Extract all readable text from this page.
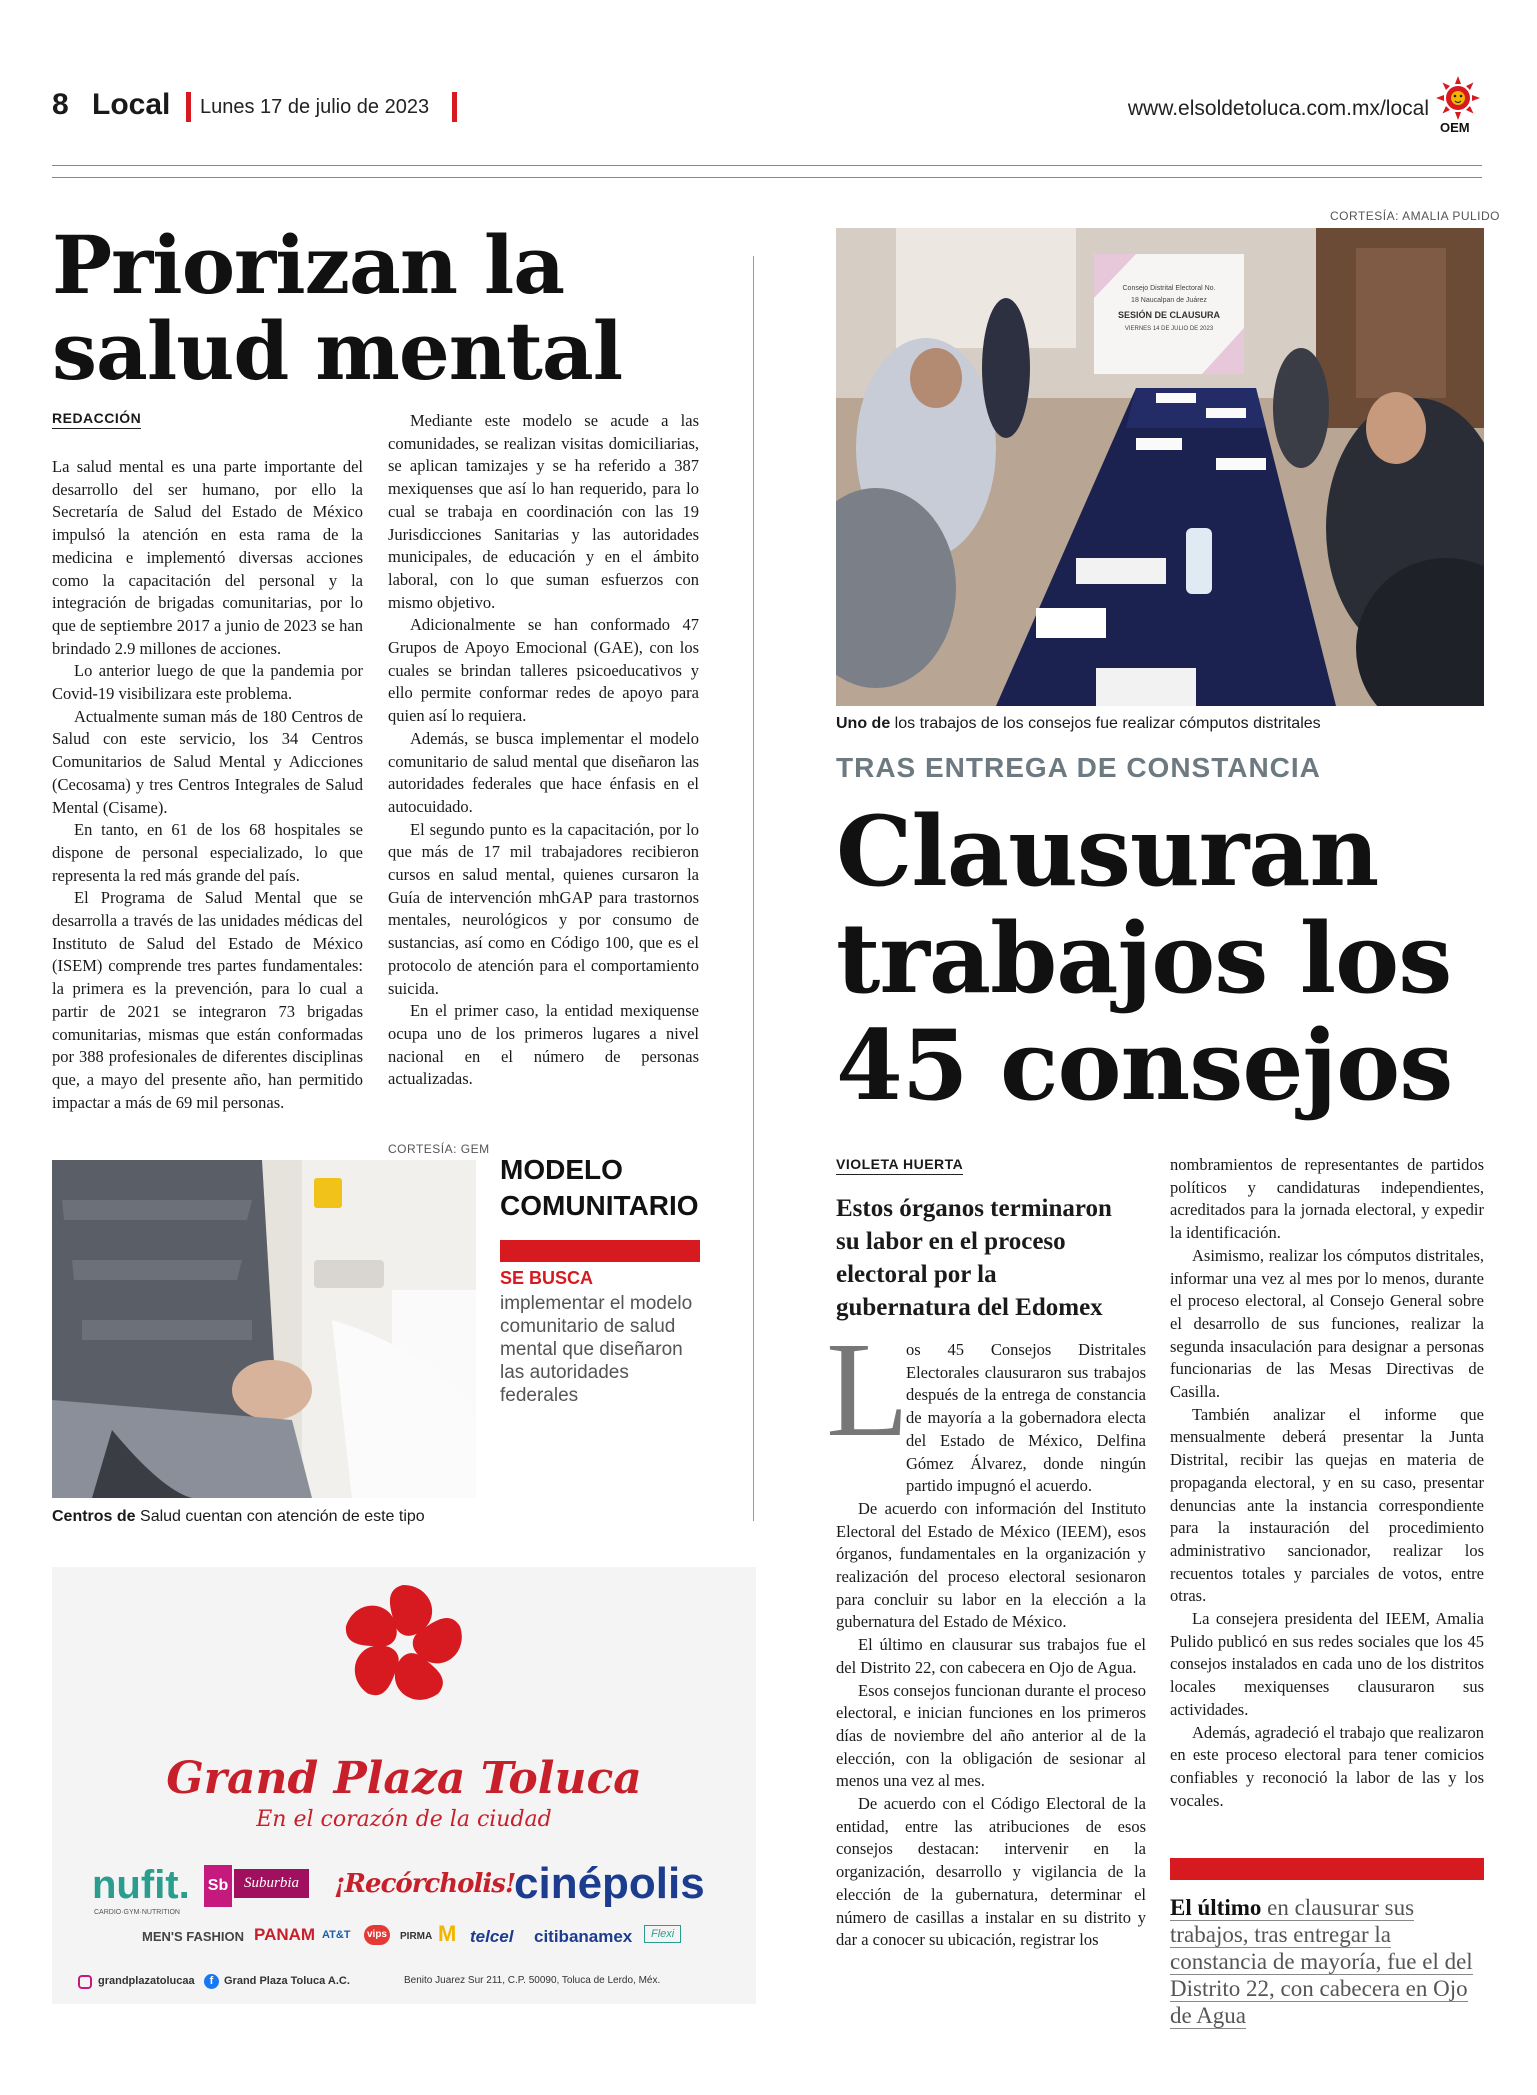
8 Local Lunes 17 de julio de 2023	www.elsoldetoluca.com.mx/local
OEM
Priorizan la
salud mental
REDACCIÓN

La salud mental es una parte importante del desarrollo del ser humano, por ello la Secretaría de Salud del Estado de México impulsó la atención en esta rama de la medicina e implementó diversas acciones como la capacitación del personal y la integración de brigadas comunitarias, por lo que de septiembre 2017 a junio de 2023 se han brindado 2.9 millones de acciones.

Lo anterior luego de que la pandemia por Covid-19 visibilizara este problema.

Actualmente suman más de 180 Centros de Salud con este servicio, los 34 Centros Comunitarios de Salud Mental y Adicciones (Cecosama) y tres Centros Integrales de Salud Mental (Cisame).

En tanto, en 61 de los 68 hospitales se dispone de personal especializado, lo que representa la red más grande del país.

El Programa de Salud Mental que se desarrolla a través de las unidades médicas del Instituto de Salud del Estado de México (ISEM) comprende tres partes fundamentales: la primera es la prevención, para lo cual a partir de 2021 se integraron 73 brigadas comunitarias, mismas que están conformadas por 388 profesionales de diferentes disciplinas que, a mayo del presente año, han permitido impactar a más de 69 mil personas.

Mediante este modelo se acude a las comunidades, se realizan visitas domiciliarias, se aplican tamizajes y se ha referido a 387 mexiquenses que así lo han requerido, para lo cual se trabaja en coordinación con las 19 Jurisdicciones Sanitarias y las autoridades municipales, de educación y en el ámbito laboral, con lo que suman esfuerzos con mismo objetivo.

Adicionalmente se han conformado 47 Grupos de Apoyo Emocional (GAE), con los cuales se brindan talleres psicoeducativos y ello permite conformar redes de apoyo para quien así lo requiera.

Además, se busca implementar el modelo comunitario de salud mental que diseñaron las autoridades federales que hace énfasis en el autocuidado.

El segundo punto es la capacitación, por lo que más de 17 mil trabajadores recibieron cursos en salud mental, quienes cursaron la Guía de intervención mhGAP para trastornos mentales, neurológicos y por consumo de sustancias, así como en Código 100, que es el protocolo de atención para el comportamiento suicida.

En el primer caso, la entidad mexiquense ocupa uno de los primeros lugares a nivel nacional en el número de personas actualizadas.

CORTESÍA: GEM
Centros de Salud cuentan con atención de este tipo
MODELO
COMUNITARIO
SE BUSCA
implementar el modelo comunitario de salud mental que diseñaron las autoridades federales
Grand Plaza Toluca
En el corazón de la ciudad
nufit.
CARDIO·GYM·NUTRITION
Sb	Suburbia	¡Recórcholis!
cinépolis
MEN'S FASHION PANAM AT&T vips	PIRMA M telcel citibanamex	Flexi
grandplazatolucaa	f Grand Plaza Toluca A.C.	Benito Juarez Sur 211, C.P. 50090, Toluca de Lerdo, Méx.
CORTESÍA: AMALIA PULIDO
Consejo Distrital Electoral No.
18 Naucalpan de Juárez
SESIÓN DE CLAUSURA
VIERNES 14 DE JULIO DE 2023
Uno de los trabajos de los consejos fue realizar cómputos distritales
TRAS ENTREGA DE CONSTANCIA
Clausuran
trabajos los
45 consejos
VIOLETA HUERTA
Estos órganos terminaron su labor en el proceso electoral por la gubernatura del Edomex
L

os 45 Consejos Distritales Electorales clausuraron sus trabajos después de la entrega de constancia de mayoría a la gobernadora electa del Estado de México, Delfina Gómez Álvarez, donde ningún partido impugnó el acuerdo.

De acuerdo con información del Instituto Electoral del Estado de México (IEEM), esos órganos, fundamentales en la organización y realización del proceso electoral sesionaron para concluir su labor en la elección a la gubernatura del Estado de México.

El último en clausurar sus trabajos fue el del Distrito 22, con cabecera en Ojo de Agua.

Esos consejos funcionan durante el proceso electoral, e inician funciones en los primeros días de noviembre del año anterior al de la elección, con la obligación de sesionar al menos una vez al mes.

De acuerdo con el Código Electoral de la entidad, entre las atribuciones de esos consejos destacan: intervenir en la organización, desarrollo y vigilancia de la elección de la gubernatura, determinar el número de casillas a instalar en su distrito y dar a conocer su ubicación, registrar los

nombramientos de representantes de partidos políticos y candidaturas independientes, acreditados para la jornada electoral, y expedir la identificación.

Asimismo, realizar los cómputos distritales, informar una vez al mes por lo menos, durante el proceso electoral, al Consejo General sobre el desarrollo de sus funciones, realizar la segunda insaculación para designar a personas funcionarias de las Mesas Directivas de Casilla.

También analizar el informe que mensualmente deberá presentar la Junta Distrital, recibir las quejas en materia de propaganda electoral, y en su caso, presentar denuncias ante la instancia correspondiente para la instauración del procedimiento administrativo sancionador, realizar los recuentos totales y parciales de votos, entre otras.

La consejera presidenta del IEEM, Amalia Pulido publicó en sus redes sociales que los 45 consejos instalados en cada uno de los distritos locales mexiquenses clausuraron sus actividades.

Además, agradeció el trabajo que realizaron en este proceso electoral para tener comicios confiables y reconoció la labor de las y los vocales.

El último en clausurar sus trabajos, tras entregar la constancia de mayoría, fue el del Distrito 22, con cabecera en Ojo de Agua
